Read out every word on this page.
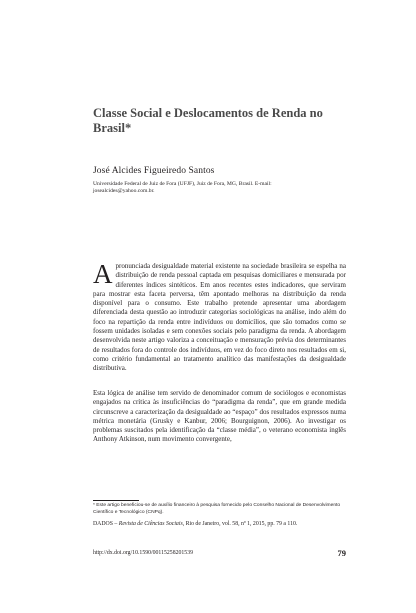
Classe Social e Deslocamentos de Renda no Brasil*

José Alcides Figueiredo Santos

Universidade Federal de Juiz de Fora (UFJF), Juiz de Fora, MG, Brasil. E-mail:
josealcides@yahoo.com.br.

A pronunciada desigualdade material existente na sociedade brasileira se espelha na distribuição de renda pessoal captada em pesquisas domiciliares e mensurada por diferentes índices sintéticos. Em anos recentes estes indicadores, que serviram para mostrar esta faceta perversa, têm apontado melhoras na distribuição da renda disponível para o consumo. Este trabalho pretende apresentar uma abordagem diferenciada desta questão ao introduzir categorias sociológicas na análise, indo além do foco na repartição da renda entre indivíduos ou domicílios, que são tomados como se fossem unidades isoladas e sem conexões sociais pelo paradigma da renda. A abordagem desenvolvida neste artigo valoriza a conceituação e mensuração prévia dos determinantes de resultados fora do controle dos indivíduos, em vez do foco direto nos resultados em si, como critério fundamental ao tratamento analítico das manifestações da desigualdade distributiva.

Esta lógica de análise tem servido de denominador comum de sociólogos e economistas engajados na crítica às insuficiências do “paradigma da renda”, que em grande medida circunscreve a caracterização da desigualdade ao “espaço” dos resultados expressos numa métrica monetária (Grusky e Kanbur, 2006; Bourguignon, 2006). Ao investigar os problemas suscitados pela identificação da “classe média”, o veterano economista inglês Anthony Atkinson, num movimento convergente,

* Este artigo beneficiou-se de auxílio financeiro à pesquisa fornecido pelo Conselho Nacional de Desenvolvimento Científico e Tecnológico (CNPq).

DADOS – Revista de Ciências Sociais, Rio de Janeiro, vol. 58, nº 1, 2015, pp. 79 a 110.

http://dx.doi.org/10.1590/00115258201539	79
